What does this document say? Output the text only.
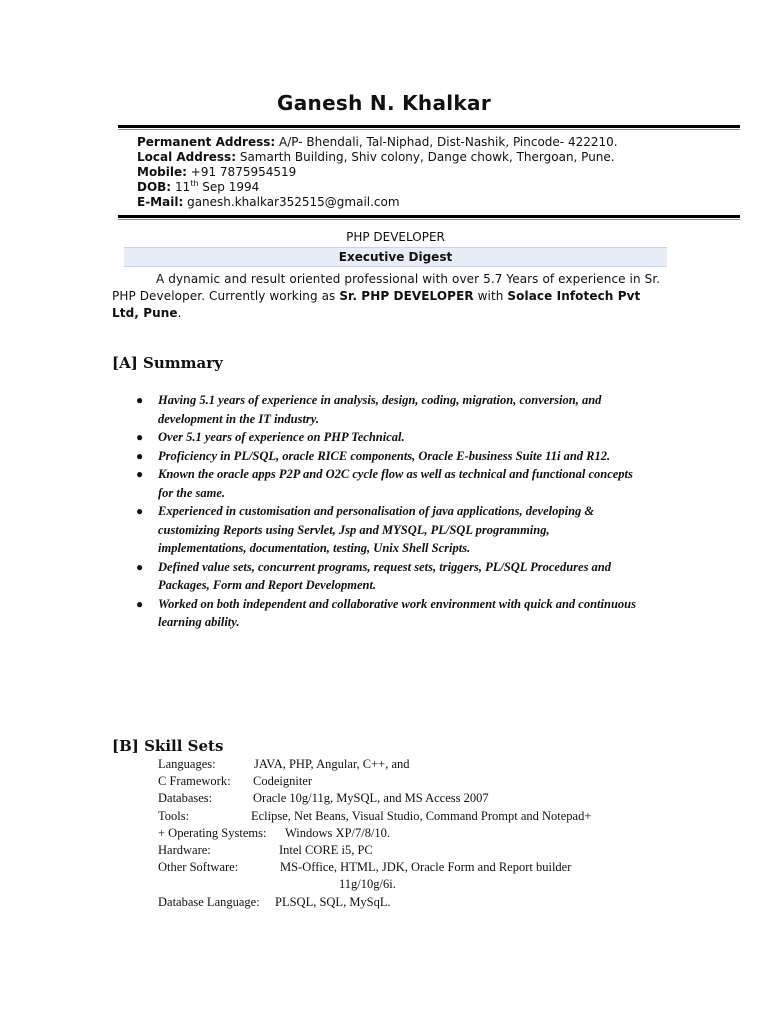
Ganesh N. Khalkar
Permanent Address: A/P- Bhendali, Tal-Niphad, Dist-Nashik, Pincode- 422210.
Local Address: Samarth Building, Shiv colony, Dange chowk, Thergoan, Pune.
Mobile: +91 7875954519
DOB: 11th Sep 1994
E-Mail: ganesh.khalkar352515@gmail.com
PHP DEVELOPER
Executive Digest
A dynamic and result oriented professional with over 5.7 Years of experience in Sr. PHP Developer. Currently working as Sr. PHP DEVELOPER with Solace Infotech Pvt Ltd, Pune.
[A] Summary
● Having 5.1 years of experience in analysis, design, coding, migration, conversion, and development in the IT industry.
● Over 5.1 years of experience on PHP Technical.
● Proficiency in PL/SQL, oracle RICE components, Oracle E-business Suite 11i and R12.
● Known the oracle apps P2P and O2C cycle flow as well as technical and functional concepts for the same.
● Experienced in customisation and personalisation of java applications, developing & customizing Reports using Servlet, Jsp and MYSQL, PL/SQL programming, implementations, documentation, testing, Unix Shell Scripts.
● Defined value sets, concurrent programs, request sets, triggers, PL/SQL Procedures and Packages, Form and Report Development.
● Worked on both independent and collaborative work environment with quick and continuous learning ability.
[B] Skill Sets
Languages:	JAVA, PHP, Angular, C++, and
C Framework: Codeigniter
Databases:	Oracle 10g/11g, MySQL, and MS Access 2007
Tools:	Eclipse, Net Beans, Visual Studio, Command Prompt and Notepad+
+ Operating Systems: Windows XP/7/8/10.
Hardware:	Intel CORE i5, PC
Other Software:	MS-Office, HTML, JDK, Oracle Form and Report builder
11g/10g/6i.
Database Language: PLSQL, SQL, MySqL.
